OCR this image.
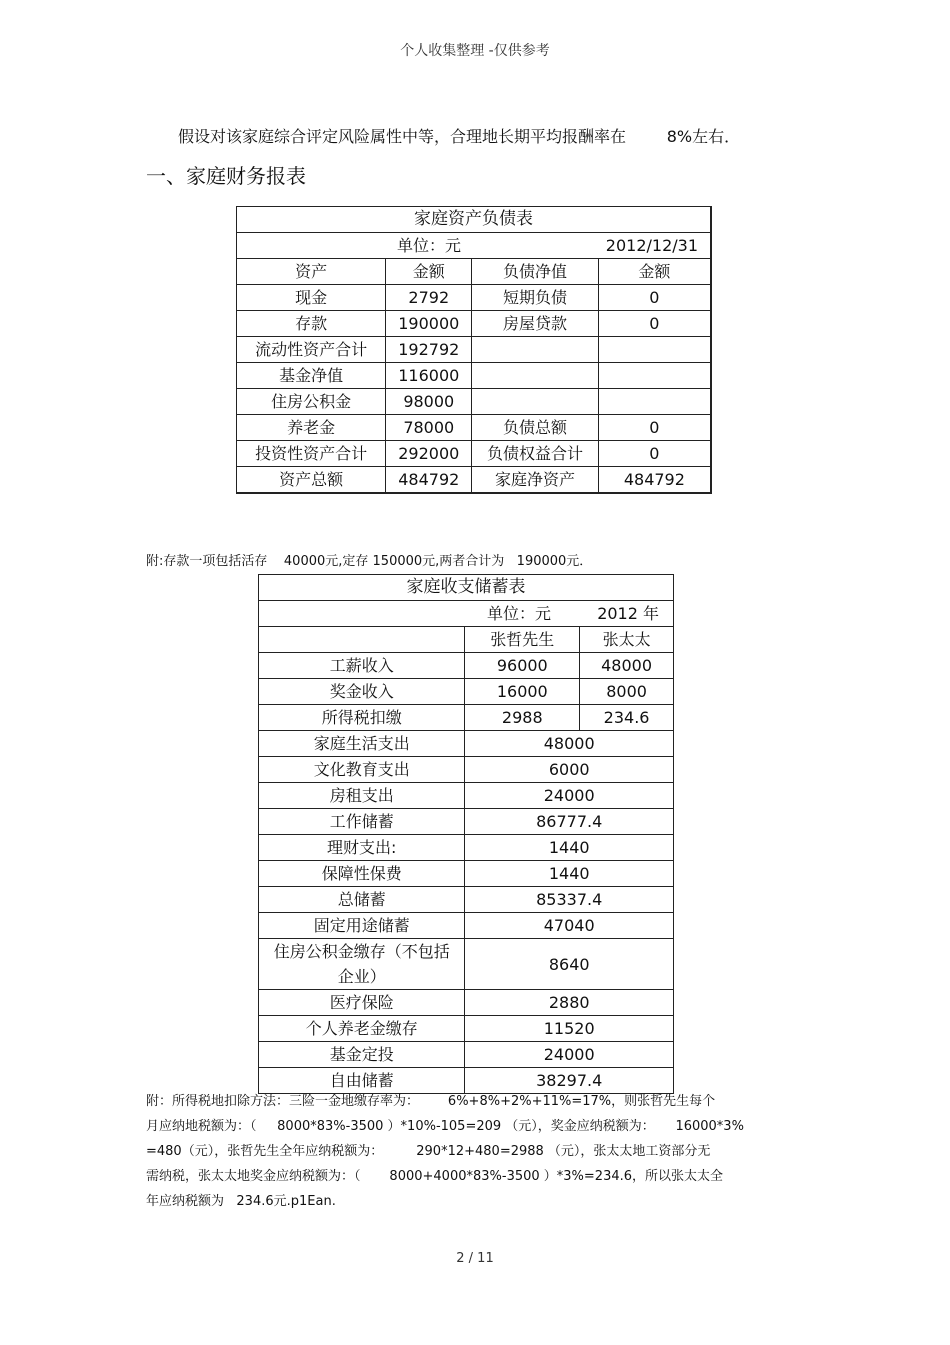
个人收集整理 -仅供参考
假设对该家庭综合评定风险属性中等，合理地长期平均报酬率在        8%左右．
一、家庭财务报表
家庭资产负债表			

单位：元 2012/12/31			

资产	金额	负债净值	金额
现金	2792	短期负债	0
存款	190000	房屋贷款	0
流动性资产合计	192792		
基金净值	116000		
住房公积金	98000		
养老金	78000	负债总额	0
投资性资产合计	292000	负债权益合计	0
资产总额	484792	家庭净资产	484792
附:存款一项包括活存    40000元,定存 150000元,两者合计为   190000元．
家庭收支储蓄表		

单位：元 2012 年		

	张哲先生	张太太
工薪收入	96000	48000
奖金收入	16000	8000
所得税扣缴	2988	234.6
家庭生活支出	48000	
文化教育支出	6000	
房租支出	24000	
工作储蓄	86777.4	
理财支出:	1440	
保障性保费	1440	
总储蓄	85337.4	
固定用途储蓄	47040	
住房公积金缴存（不包括企业）	8640	
医疗保险	2880	
个人养老金缴存	11520	
基金定投	24000	
自由储蓄	38297.4	
附：所得税地扣除方法：三险一金地缴存率为：       6%+8%+2%+11%=17%，则张哲先生每个
月应纳地税额为：（     8000*83%-3500 ）*10%-105=209 （元），奖金应纳税额为：     16000*3%
=480（元），张哲先生全年应纳税额为：        290*12+480=2988 （元），张太太地工资部分无
需纳税，张太太地奖金应纳税额为：（       8000+4000*83%-3500 ）*3%=234.6，所以张太太全
年应纳税额为   234.6元.p1Ean.
2 / 11
